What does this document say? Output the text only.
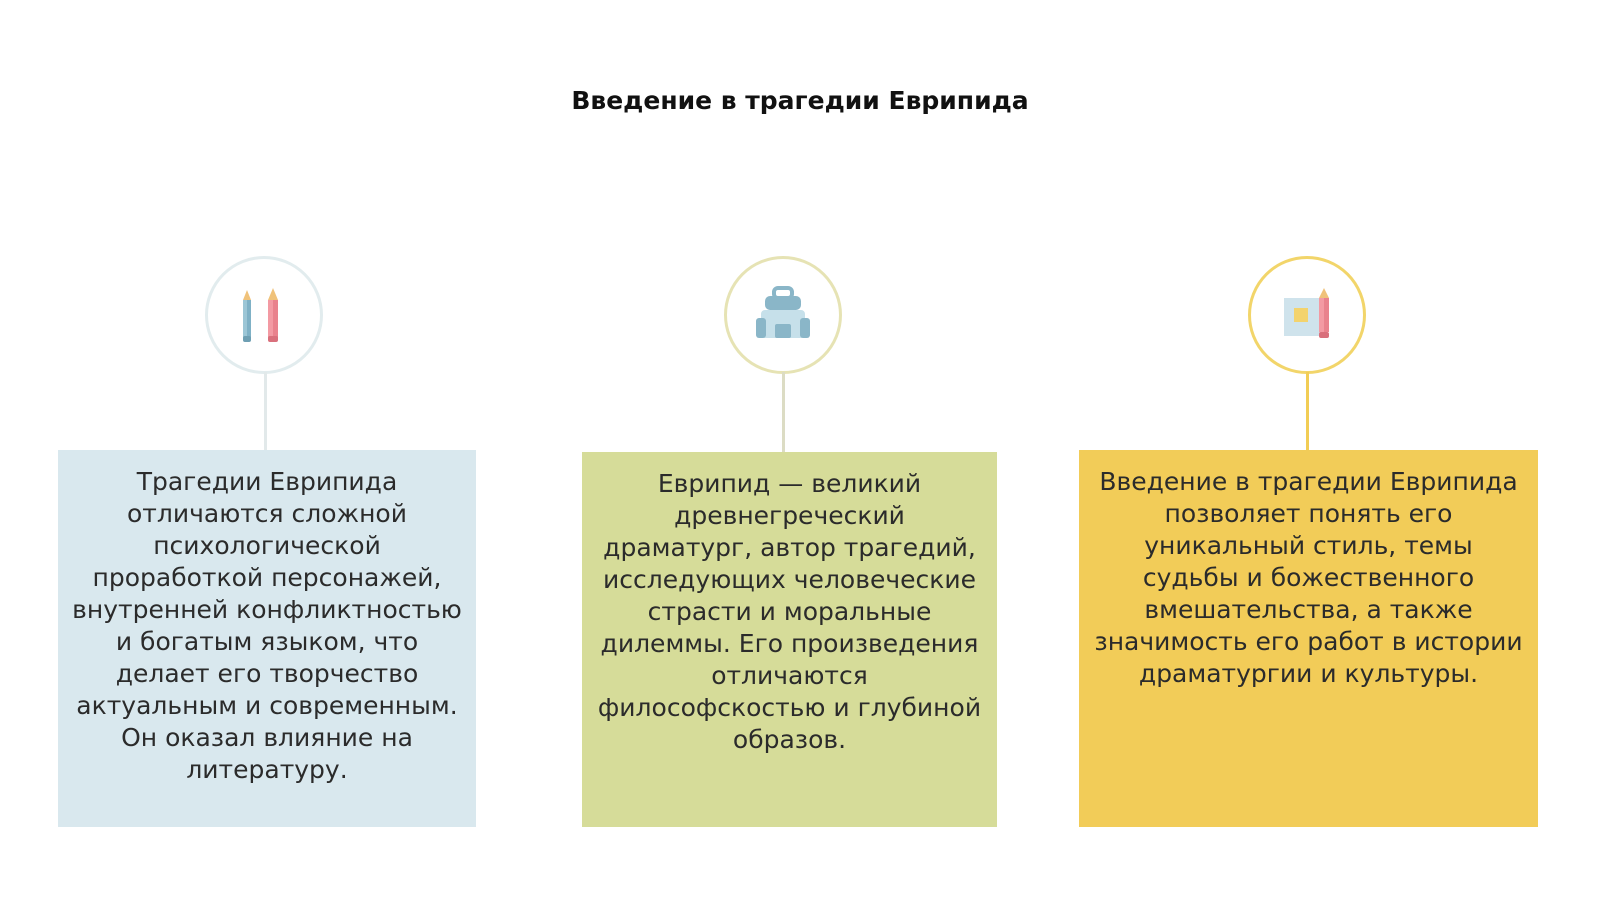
Введение в трагедии Еврипида
Трагедии Еврипида отличаются сложной психологической проработкой персонажей, внутренней конфликтностью и богатым языком, что делает его творчество актуальным и современным. Он оказал влияние на литературу.
Еврипид — великий древнегреческий драматург, автор трагедий, исследующих человеческие страсти и моральные дилеммы. Его произведения отличаются философскостью и глубиной образов.
Введение в трагедии Еврипида позволяет понять его уникальный стиль, темы судьбы и божественного вмешательства, а также значимость его работ в истории драматургии и культуры.
